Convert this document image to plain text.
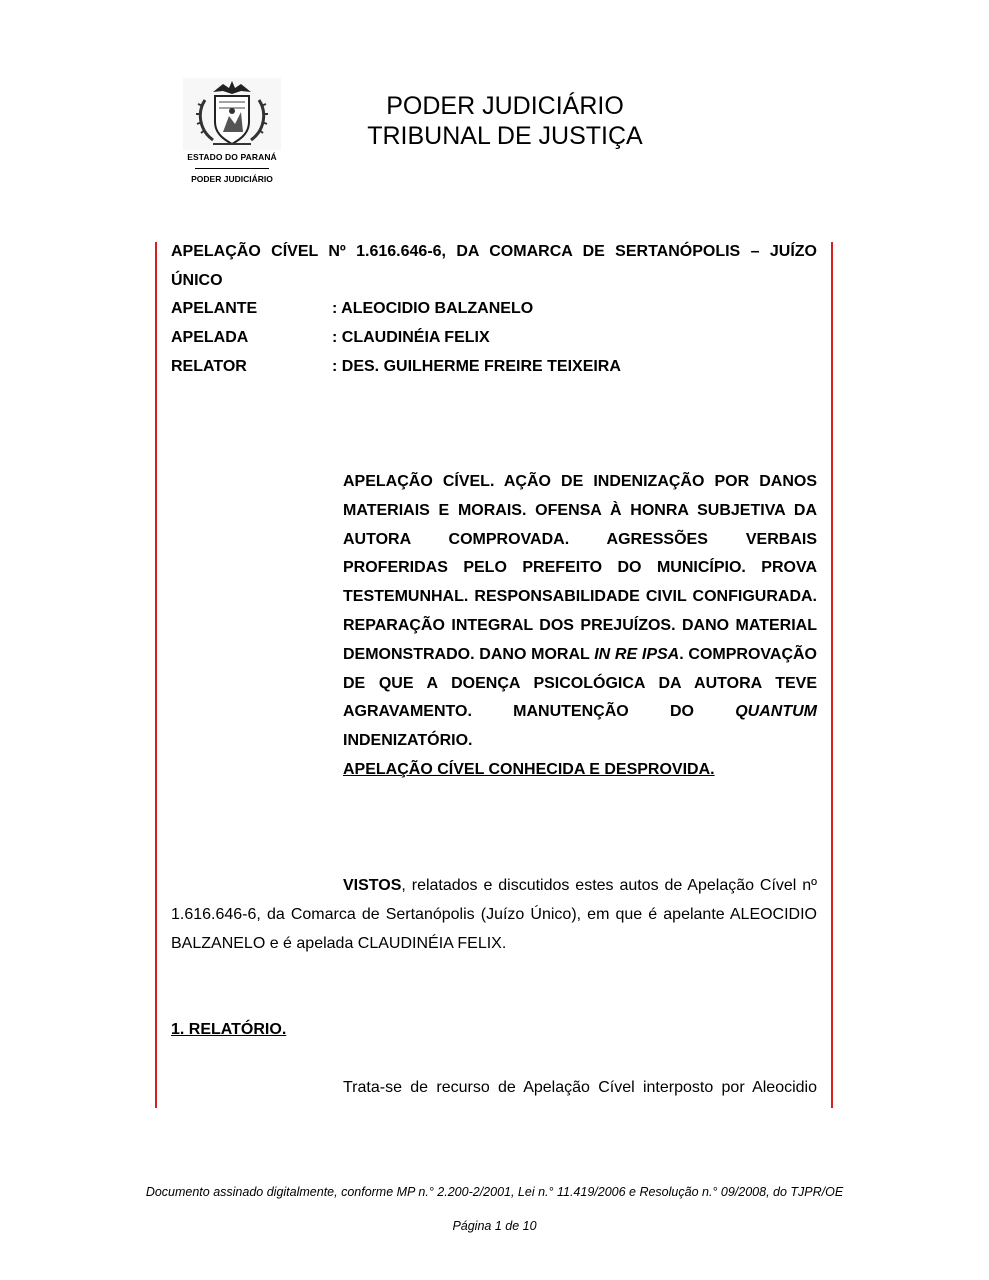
ESTADO DO PARANÁ
PODER JUDICIÁRIO
PODER JUDICIÁRIO
TRIBUNAL DE JUSTIÇA
APELAÇÃO CÍVEL Nº 1.616.646-6, DA COMARCA DE SERTANÓPOLIS – JUÍZO ÚNICO
APELANTE	: ALEOCIDIO BALZANELO
APELADA	: CLAUDINÉIA FELIX
RELATOR	: DES. GUILHERME FREIRE TEIXEIRA
APELAÇÃO CÍVEL. AÇÃO DE INDENIZAÇÃO POR DANOS MATERIAIS E MORAIS. OFENSA À HONRA SUBJETIVA DA AUTORA COMPROVADA. AGRESSÕES VERBAIS PROFERIDAS PELO PREFEITO DO MUNICÍPIO. PROVA TESTEMUNHAL. RESPONSABILIDADE CIVIL CONFIGURADA. REPARAÇÃO INTEGRAL DOS PREJUÍZOS. DANO MATERIAL DEMONSTRADO. DANO MORAL IN RE IPSA. COMPROVAÇÃO DE QUE A DOENÇA PSICOLÓGICA DA AUTORA TEVE AGRAVAMENTO. MANUTENÇÃO DO QUANTUM INDENIZATÓRIO.
APELAÇÃO CÍVEL CONHECIDA E DESPROVIDA.
VISTOS, relatados e discutidos estes autos de Apelação Cível nº 1.616.646-6, da Comarca de Sertanópolis (Juízo Único), em que é apelante ALEOCIDIO BALZANELO e é apelada CLAUDINÉIA FELIX.
1. RELATÓRIO.
Trata-se de recurso de Apelação Cível interposto por Aleocidio
Documento assinado digitalmente, conforme MP n.° 2.200-2/2001, Lei n.° 11.419/2006 e Resolução n.° 09/2008, do TJPR/OE
Página 1 de 10
